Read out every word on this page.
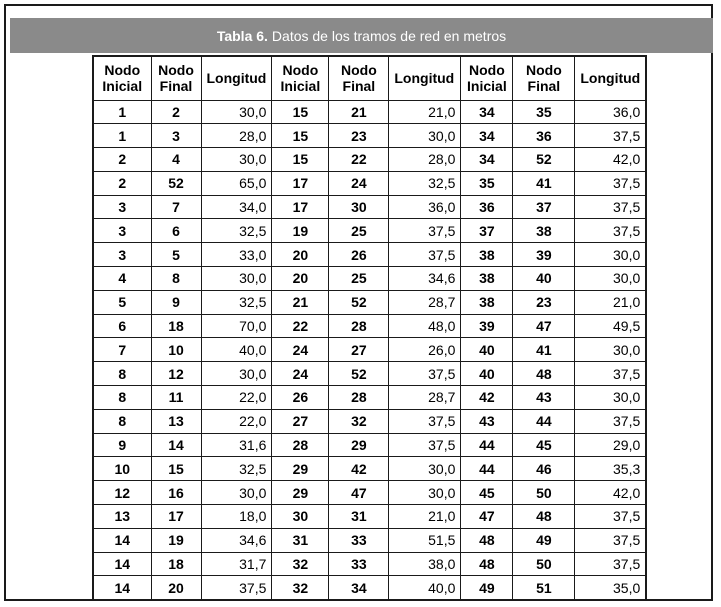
Tabla 6. Datos de los tramos de red en metros
Nodo Inicial	Nodo Final	Longitud	Nodo Inicial	Nodo Final	Longitud	Nodo Inicial	Nodo Final	Longitud
1	2	30,0	15	21	21,0	34	35	36,0
1	3	28,0	15	23	30,0	34	36	37,5
2	4	30,0	15	22	28,0	34	52	42,0
2	52	65,0	17	24	32,5	35	41	37,5
3	7	34,0	17	30	36,0	36	37	37,5
3	6	32,5	19	25	37,5	37	38	37,5
3	5	33,0	20	26	37,5	38	39	30,0
4	8	30,0	20	25	34,6	38	40	30,0
5	9	32,5	21	52	28,7	38	23	21,0
6	18	70,0	22	28	48,0	39	47	49,5
7	10	40,0	24	27	26,0	40	41	30,0
8	12	30,0	24	52	37,5	40	48	37,5
8	11	22,0	26	28	28,7	42	43	30,0
8	13	22,0	27	32	37,5	43	44	37,5
9	14	31,6	28	29	37,5	44	45	29,0
10	15	32,5	29	42	30,0	44	46	35,3
12	16	30,0	29	47	30,0	45	50	42,0
13	17	18,0	30	31	21,0	47	48	37,5
14	19	34,6	31	33	51,5	48	49	37,5
14	18	31,7	32	33	38,0	48	50	37,5
14	20	37,5	32	34	40,0	49	51	35,0
